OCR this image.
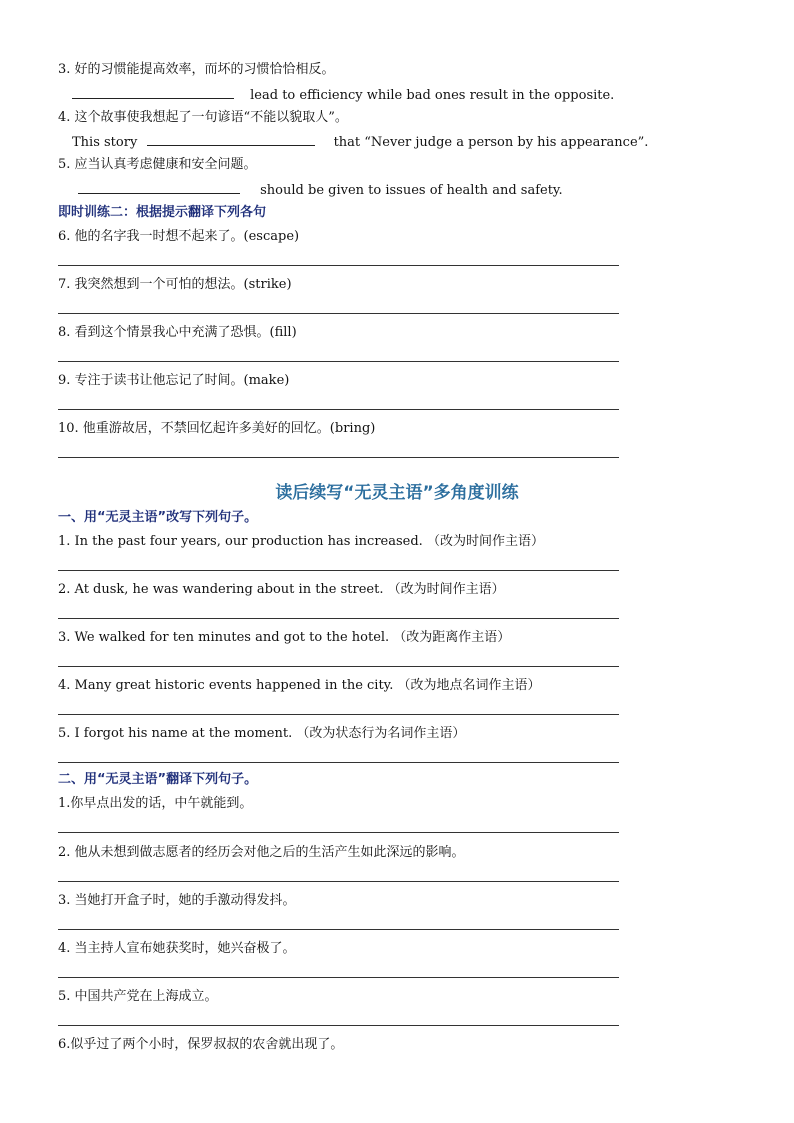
3. 好的习惯能提高效率，而坏的习惯恰恰相反。
lead to efficiency while bad ones result in the opposite.
4. 这个故事使我想起了一句谚语“不能以貌取人”。
This story	that “Never judge a person by his appearance”.
5. 应当认真考虑健康和安全问题。
should be given to issues of health and safety.
即时训练二：根据提示翻译下列各句
6. 他的名字我一时想不起来了。(escape)
7. 我突然想到一个可怕的想法。(strike)
8. 看到这个情景我心中充满了恐惧。(fill)
9. 专注于读书让他忘记了时间。(make)
10. 他重游故居，不禁回忆起许多美好的回忆。(bring)
读后续写“无灵主语”多角度训练
一、用“无灵主语”改写下列句子。
1. In the past four years, our production has increased. （改为时间作主语）
2. At dusk, he was wandering about in the street. （改为时间作主语）
3. We walked for ten minutes and got to the hotel. （改为距离作主语）
4. Many great historic events happened in the city. （改为地点名词作主语）
5. I forgot his name at the moment. （改为状态行为名词作主语）
二、用“无灵主语”翻译下列句子。
1.你早点出发的话，中午就能到。
2. 他从未想到做志愿者的经历会对他之后的生活产生如此深远的影响。
3. 当她打开盒子时，她的手激动得发抖。
4. 当主持人宣布她获奖时，她兴奋极了。
5. 中国共产党在上海成立。
6.似乎过了两个小时，保罗叔叔的农舍就出现了。
